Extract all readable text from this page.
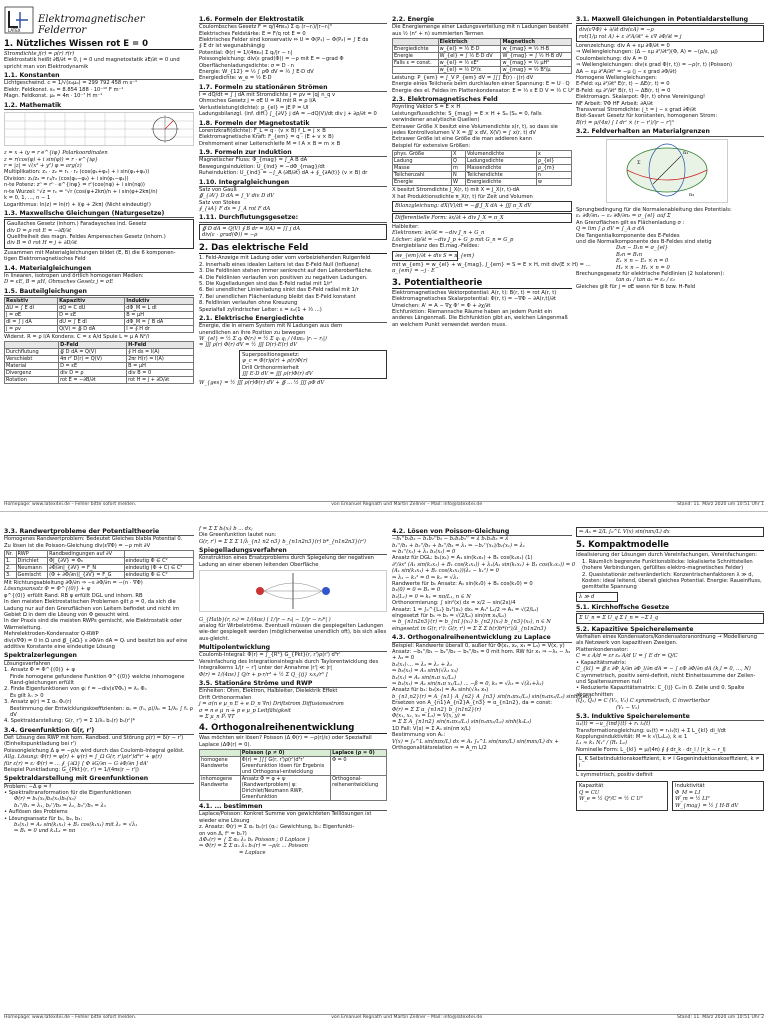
LATEX
Elektromagnetischer
Felderror
1. Nützliches Wissen rot E = 0
Stromdichte j(r) = ρ(r) ṙ(r)
Elektrostatik heißt ∂B/∂t = 0, j = 0 und magnetostatik ∂E/∂t = 0 und
spricht man von Elektrodynamik
1.1. Konstanten
Lichtgeschwind. c = 1/√(ε₀μ₀) = 299 792 458 m s⁻¹
Elektr. Feldkonst. ε₀ = 8.854 188 · 10⁻¹² F m⁻¹
Magn. Feldkonst. μ₀ = 4π · 10⁻⁷ H m⁻¹
1.2. Mathematik
z = x + iy = r e^{iφ} Polarkoordinaten
z = r(cos(φ) + i sin(φ)) = r · e^{iφ}
r = |z| = √(x² + y²) φ = arg(z)
Multiplikation: z₁ · z₂ = r₁ · r₂ (cos(φ₁+φ₂) + i sin(φ₁+φ₂))
Division: z₁/z₂ = r₁/r₂ (cos(φ₁−φ₂) + i sin(φ₁−φ₂))
n-te Potenz: zⁿ = rⁿ · e^{inφ} = rⁿ(cos(nφ) + i sin(nφ))
n-te Wurzel: ⁿ√z = rₖ = ⁿ√r (cos(φ+2kπ)/n + i sin(φ+2kπ)/n)
k = 0, 1, ..., n − 1
Logarithmus: ln(z) = ln(r) + i(φ + 2kπ) (Nicht eindeutig!)
1.3. Maxwellsche Gleichungen (Naturgesetze)
Gaußsches Gesetz (inhom.) Faradaysches ind. Gesetz
div D = ρ rot E = −∂B/∂t
Quellfreiheit des magn. Feldes Amperesches Gesetz (inhom.)
div B = 0 rot H = j + ∂D/∂t
Zusammen mit Materialgleichungen bildet (E, B) die 6 komponen-
tigen Elektromagnetisches Feld
1.4. Materialgleichungen
In linearen, isotropen und örtlich homogenen Medien:
D = εE, B = μH, Ohmsches Gesetz j = σE
1.5. Bauteilgleichungen
Resistiv	Kapazitiv	Induktiv
ΔU = ∫ E dl	dQ = C dU	dΦ_M = L dI
j = σE	D = εE	B = μH
dI = ∫ j dA	dU = ∫ E dl	dΦ_M = ∫ B dA
j = ρv	Q(V) = ∯ D dA	I = ∮ H dr
Widerst. R = ρ l/A Kondens. C = ε A/d Spule L = μ A N²/l
	D-Feld	H-Feld
Durchflutung	∯ D dA = Q(V)	∮ H ds = I(A)
Verschiebt	4π r² D(r) = Q(V)	2πr H(r) = I(A)
Material	D = εE	B = μH
Divergenz	div D = ρ	div B = 0
Rotation	rot E = −∂B/∂t	rot H = j + ∂D/∂t
1.6. Formeln der Elektrostatik
Coulombsches Gesetz F = q/(4πε₀) Σ qᵢ (r−rᵢ)/|r−rᵢ|³
Elektrisches Feldstärke: E = F/q rot E = 0
Elektrisches Felder sind konservativ ⇔ U = Φ(P₁) − Φ(P₂) = ∫ E ds
∮ E dr ist wegunabhängig
Potential: Φ(r) = 1/(4πε₀) Σ qᵢ/|r − rᵢ|
Poissongleichung: div(ε grad(Φ)) = −ρ mit E = −grad Φ
Oberflächenladungsdichte: σ = D · n
Energie: W_{12} = ½ ∫ ρΦ dV = ½ ∫ E·D dV
Energiedichte: w_e = ½ E·D
1.7. Formeln zu stationären Strömen
I = dQ/dt = ∫ j dA mit Stromdichte j = ρv = |q| n_q v
Ohmsches Gesetz j = σE U = RI mit R = ρ l/A
Verlustleistung(dichte): p_{el} = jE P = UI
Ladungsbilanzgl. (inf. diff.) ∫_{∂V} j dA = −dQ(V)/dt div j + ∂ρ/∂t = 0
1.8. Formeln der Magnetostatik
Lorentzkraft(dichte): F_L = q · (v × B) f_L = j × B
Elektromagnetische Kraft: F_{em} = q · (E + v × B)
Drehmoment einer Leiterschleife M = I A × B = m × B
1.9. Formeln zur Induktion
Magnetischer Fluss: Φ_{mag} = ∫_A B dA
Bewegungsinduktion: U_{ind} = −dΦ_{mag}/dt
Ruheinduktion: U_{ind} = −∫_A (∂B/∂t) dA + ∮_{∂A(t)} (v × B) dr
1.10. Integralgleichungen
Satz von Gauß
∯_{∂V} D dA = ∫_V div D dV
Satz von Stokes
∮_{∂A} F ds = ∫_A rot F dA
1.11. Durchflutungsgesetze:
∯ D dA = Q(V) ∮ B dr = I(A) = ∫∫ j dA
div(ε · grad(Φ)) = −ρ
2. Das elektrische Feld
1. Feld-Anzeige mit Ladung oder vom vorbeiziehenden Ruigenfeld
2. Innerhalb eines idealen Leiters ist das E-Feld Null (Influenz)
3. Die Feldlinien stehen immer senkrecht auf den Leiteroberfläche.
4. Die Feldlinien verlaufen von positiven zu negativen Ladungen.
5. Die Kugelladungen sind das E-Feld radial mit 1/r²
6. Bei unendlicher Linienladung sinkt das E-Feld radial mit 1/r
7. Bei unendlichen Flächenladung bleibt das E-Feld konstant
8. Feldlinien verlaufen ohne Kreuzung
Spezialfall zylindrischer Leiter: ε = ε₀(1 + ½ ...)
2.1. Elektrische Energiedichte
Energie, die in einem System mit N Ladungen aus dem
unendlichen an ihre Position zu bewegen
W_{el} = ½ Σ qᵢ Φ(rᵢ) = ½ Σ qᵢ qⱼ / (4πε₀ |rᵢ − rⱼ|)
= ∭ ρ(r) Φ(r) dV = ½ ∭ D(r)·E(r) dV
Superpositionsgesetz:
ψ_c = Φ(r)ρ(r) + ρ(r)Φ(r)
Drill Orthonormierheit
∭ E·D dV = ∭ ρ(r)Φ(r) dV
W_{ges} = ½ ∭ ρ(r)Φ(r) dV + ∯ ... ½ ∭ ρΦ dV
2.2. Energie
Die Energiemenge einer Ladungsverteilung mit n Ladungen besteht aus ½ (n² + n) summierten Termen
	Elektrisch	Magnetisch
Energiedichte	w_{el} = ½ E·D	w_{mag} = ½ H·B
Energie	W_{el} = ∫ ½ E·D dV	W_{mag} = ∫ ½ H·B dV
Falls ε = const.	w_{el} = ½ εE²	w_{mag} = ½ μH²
	w_{el} = ½ D²/ε	w_{mag} = ½ B²/μ
Leistung: P_{em} = ∫_V P_{em} dV = ∫∫∫ Ē(r) · j(r) dV
Energie eines Teilchens beim durchlaufen einer Spannung: E = U · Q
Energie des el. Feldes im Plattenkondensator: E = ½ ε E D V = ½ C U²
2.3. Elektromagnetisches Feld
Poynting Vektor S = E × H
Leistungsflussdichte: S_{mag} = E × H + S₀ (S₀ = 0, falls verwindener analytische Quellen)
Extrawer Größe X besitzt eine Volumendichte x(r, t), so dass sie jedes Kontrollvolumen V X = ∭ x dV, X(V) = ∫ x(r, t) dV
Extrawer Größe ist eine Größe die man addieren kann
Beispiel für extensive Größen:
phys. Größe	X	Volumendichte	x
Ladung	Q	Ladungsdichte	ρ_{el}
Masse	m	Massendichte	ρ_{m}
Teilchenzahl	N	Teilchendichte	n
Energie	W	Energiedichte	w
X besitzt Stromdichte J_X(r, t) mit X = J_X(r, t)·dA
X hat Produktionsdichte π_X(r, t) für Zeit und Volumen
Bilanzgleichung: dX(V)/dt = −∯ J_X dA + ∭ π_X dV
Differentielle Form: ∂x/∂t + div J_X = π_X
Halbleiter:
Elektronen: ∂n/∂t = −div J_n + G_n
Löcher: ∂p/∂t = −div J_p + G_p mit G_n = G_p
Energiebilanz des El.mag.-Feldes:
∂w_{em}/∂t + div S = π_{em}
mit w_{em} = w_{el} + w_{mag}, J_{em} = S = E × H, mit div(E × H) = ...
π_{em} = −j · E
3. Potentialtheorie
Elektromagnetisches Vektorpotential: A(r, t): B(r, t) = rot A(r, t)
Elektromagnetisches Skalarpotential: Φ(r, t) = −∇Φ − ∂A(r,t)/∂t
Umeichen: A' = A − ∇χ Φ' = Φ + ∂χ/∂t
Eichfunktion: Riemannsche Räume haben an jedem Punkt ein anderes Längenmaß. Die Eichfunktion gibt an, welchen Längenmaß an welchem Punkt verwendet werden muss.
3.1. Maxwell Gleichungen in Potentialdarstellung
div(ε∇Φ) + ∂/∂t div(εA) = −ρ
rot(1/μ rot A) + ε ∂²A/∂t² + ε∇ ∂Φ/∂t = j
Lorenzeichung: div A + εμ ∂Φ/∂t = 0
⇒ Wellengleichungen: (Δ − εμ ∂²/∂t²)(Φ, A) = −(ρ/ε, μj)
Coulombeichung: div A = 0
⇒ Wellengleichungen: div(ε grad Φ(r, t)) = −ρ(r, t) (Poisson)
ΔA − εμ ∂²A/∂t² = −μ (j − ε grad ∂Φ/∂t)
Homogene Wellengleichungen:
E-Feld: εμ ∂²/∂t² E(r, t) − ΔE(r, t) = 0
B-Feld: εμ ∂²/∂t² B(r, t) − ΔB(r, t) = 0
Elektromagn. Skalarpot: Φ(r, t) ohne Vereinigung!
NF Arbeit: ∇Φ HF Arbeit: ∂A/∂t
Transversal Stromdichte: j_t = j − ε grad ∂Φ/∂t
Biot-Savart Gesetz für konstanten, homogenen Strom:
B(r) = μ/(4π) ∫ I dr' × (r − r')/|r − r'|³
3.2. Feldverhalten an Materialgrenzen
n₁
n₂
Σ
Sprungbedingung für die Normalenableitung des Potentials:
ε₁ ∂Φ/∂n₁ − ε₂ ∂Φ/∂n₂ = σ_{el} auf Σ
An Grenzflächen gilt es Flächenladung σ :
Q = lim ∫ ρ dV = ∫_A σ dA
Die Tangentialkomponente des E-Feldes
und die Normalkomponente des B-Feldes sind stetig
D₂n − D₁n = σ_{el}
B₂n = B₁n
E₁ × n − E₂ × n = 0
H₂ × n − H₁ × n = 0
Brechungsgesetz für elektrische Feldlinien (2 Isolatoren):
tan α₁ / tan α₂ = ε₁ / ε₂
Gleiches gilt für j = σE wenn für B bzw. H-Feld
Homepage: www.latex4ei.de – Fehler bitte sofort melden.	von Emanuel Regnath und Martin Zellner – Mail: info@latex4ei.de	Stand: 11. März 2020 um 10:51 Uhr 1
3.3. Randwertprobleme der Potentialtheorie
Homogenes Randwertproblem: Bedeutet Gleiches blabla Potential 0.
Zu lösen ist die Poisson-Gleichung div(ε∇Φ) = −ρ mit ∂V
Nr.	RWP	Randbedingungen auf ∂V	
1.	Dirichlet	Φ|_{∂V} = Φ₀	eindeutig Φ ∈ C²
2.	Neumann	∂Φ/∂n|_{∂V} = F_N	eindeutig (Φ + C) ∈ C²
3.	Gemischt	(Φ + ∂Φ/∂n)|_{∂V} = F_G	eindeutig Φ ∈ C²
Mit Richtungsableitung ∂Φ/∂n ⇒ −ε ∂Φ/∂n = −(n · ∇Φ)
Lösungsansatz Φ = Φ^{(0)} + φ
φ^{(0)} erfüllt Rand. RB φ erfüllt DGL und inhom. RB
In den meisten Elektrostatischen Problemen gilt ρ = 0, da sich die Ladung nur auf den Grenzflächen von Leitern befindet und nicht im Gebiet Ω in dem die Lösung von Φ gesucht wird.
In der Praxis sind die meisten RWPs gemischt, wie Elektrostatik oder Wärmeleitung.
Mehrelektroden-Kondensator Q-RWP
div(ε∇Φ) = 0 in Ω und ∯_{∂Ωᵢ} ε ∂Φ/∂n dA = Qᵢ und besitzt bis auf eine additive Konstante eine eindeutige Lösung
Spektralzerlegungen
Lösungsverfahren
1. Ansatz Φ = Φ^{(0)} + φ
Finde homogene gefundene Funktion Φ^{(0)} welche inhomogene Rand-gleichungen erfüllt
2. Finde Eigenfunktionen von φ: f = −div(ε∇Φₙ) = λₙ Φₙ
Es gilt λₙ > 0
3. Ansatz φ(r) = Σ αₙ Φₙ(r)
Bestimmung der Entwicklungskoeffizienten: αₙ = ⟨fₙ, ρ⟩/λₙ = 1/λₙ ∫ fₙ ρ dV
4. Spektraldarstellung: G(r, r') = Σ 1/λₙ bₙ(r) bₙ(r')*
3.4. Greenfunktion G(r, r')
Def: Lösung des RWP mit hom. Randbed. und Störung ρ(r) = δ(r − r')
(Einheitspunktladung bei r')
Poissongleichung Δ φ = −ρ/ε wird durch das Coulomb-Integral gelöst.
Allg. Lösung: Φ(r) = φ(r) + ψ(r) = ∫_Ω G(r, r')ρ(r')d³r' + ψ(r)
für ε(r) = ε: Φ(r) = ... ∮_{∂Ω} [ Φ ∂G/∂n − G ∂Φ/∂n ] dA'
Beispiel Punktladung: G_{Pkt}(r, r') = 1/(4πε|r − r'|)
Spektraldarstellung mit Greenfunktionen
Problem: −Δ φ = f
• Spektraltransformation für die Eigenfunktionen
Φ(r) = b₁(x₁)b₂(x₂)b₃(x₃)
b₁''/b₁ = λ₁, b₂''/b₂ = λ₂, b₃''/b₃ = λ₃
• Auflösen des Problems
• Lösungsansatz für b₁, b₂, b₃:
b₁(x₁) = A₁ sin(k₁x₁) + B₁ cos(k₁x₁) mit λ₁ = √λ₁
⇒ B₁ = 0 und k₁L₁ = nπ
f = Σ Σ bᵢ(xᵢ) b ... dxⱼ
Die Greenfunktion lautet nun:
G(r, r') = Σ Σ Σ 1/λ_{n1 n2 n3} b_{n1n2n3}(r) b*_{n1n2n3}(r')
Spiegelladungsverfahren
Konstruktion eines Ersatzproblems durch Spiegelung der negativen Ladung an einer ebenen leitenden Oberfläche
G_{Halb}(r, r₀) = 1/(4πε) ( 1/|r − r₀| − 1/|r − r₀*| )
analog für Wirbelströme. Eventuell müssen die gespiegelten Ladungen wie-der gespiegelt werden (möglicherweise unendlich oft), bis sich alles aus-gleicht.
Multipolentwicklung
Coulomb-Integral: Φ(r) = ∫_{R³} G_{Pkt}(r, r')ρ(r') d³r'
Vereinfachung des Integrationsintegrals durch Taylorentwicklung des Integralkerns 1/|r − r'| unter der Annahme |r'| ≪ |r|
Φ(r) = 1/(4πε) [ Q/r + p·r/r³ + ½ Σ Q_{ij} xᵢxⱼ/r⁵ ]
3.5. Stationäre Ströme und RWP
Einheiten: Ohm, Elektron, Halbleiter, Dielektrik Effekt
Drift Orthonormalen
j = σ(n e μ_n E + e D_n ∇n) Driftstrom Diffusionsstrom
σ = n e μ_n + p e μ_p Leitfähigkeit
= Σ μ_n Pᵢ ∇T
4. Orthogonalreihenentwicklung
Was möchten wir lösen? Poisson (Δ Φ(r) = −ρ(r)/ε) oder Spezialfall Laplace (ΔΦ(r) = 0).
	Poisson (ρ ≠ 0)	Laplace (ρ = 0)
homogene Randwerte	Φ(r) = ∫∫∫ G(r, r')ρ(r')d³r' Greenfunktion lösen für Ergebnis und Orthogonal-entwicklung	Φ = 0
inhomogene Randwerte	Ansatz Φ = φ + ψ (Randwertproblem) φ: Dirichlet/Neumann RWP, Greenfunktion	Orthogonal-reihenentwicklung
4.1. ... bestimmen
Laplace/Poisson: Konkret Summe von gewichteten Teillösungen ist wieder eine Lösung
z. Ansatz: Φ(r) = Σ αₙ bₙ(r) (αₙ: Gewichtung, bₙ: Eigenfunkti-
on von Δ, fⁿ = bₙ?)
ΔΦₙ(r) = { Σ αₙ λₙ bₙ Poisson ; 0 Laplace }
⇒ Φ(r) = Σ Σ αₙ λₙ bₙ(r) = −ρ/ε ... Poisson
= Laplace
4.2. Lösen von Poisson-Gleichung
−b₁''b₂b₃ − b₁b₂''b₃ − b₁b₂b₃'' = λ b₁b₂b₃ = λ
b₁''/b₁ + b₂''/b₂ + b₃''/b₃ = λ₁ ⇒ −b₁''(x₁)/b₁(x₁) = λ₁
⇒ b₁''(x₁) + λ₁ b₁(x₁) = 0
Ansatz für DGL: b₁(x₁) = A₁ sin(k₁x₁) + B₁ cos(k₁x₁) (1)
∂²/∂x² (A₁ sin(k₁x₁) + B₁ cos(k₁x₁)) + λ₁(A₁ sin(k₁x₁) + B₁ cos(k₁x₁)) = 0
(A₁ sin(k₁x₁) + B₁ cos(k₁x₁))(λ₁ − k₁²) = 0
⇒ λ₁ − k₁² = 0 ⇒ k₁ = √λ₁
Randwerte für b₁ Ansatz: A₁ sin(k₁0) + B₁ cos(k₁0) = 0
b₁(0) = 0 ⇒ B₁ = 0
b₁(L₁) = 0 ⇒ k₁ = nπ/L₁, n ∈ N
Orthonormierung: ∫ sin²(x) dx = x/2 − sin(2x)/4
Ansatz: 1 = ∫₀^{L₁} b₁²(x₁) dx₁ = A₁² L₁/2 ⇒ A₁ = √(2/L₁)
eingesetzt für b₁ ⇒ b₁ = √(2/L₁) sin(nπ x₁/L₁)
⇒ b_{n1n2n3}(r) = b_{n1}(x₁) b_{n2}(x₂) b_{n3}(x₃), n ∈ N
eingesetzt in G(r, r'): G(r, r') = Σ Σ Σ b(r)b*(r')/λ_{n1n2n3}
4.3. Orthogonalreihenentwicklung zu Laplace
Beispiel: Randwerte überall 0, außer für Φ(x₁, x₂, x₃ = L₃) = V(x, y)
Ansatz: −b₁''/b₁ − b₂''/b₂ − b₃''/b₃ = 0 mit hom. RW für x₁ ⇒ −λ₁ − λ₂ + λ₃ = 0
b₁(x₁)·... ⇒ λ₃ = λ₁ + λ₂
⇒ b₃(x₃) = A₃ sinh(√λ₃ x₃)
b₁(x₁) = A₁ sin(n₁π x₁/L₁)
⇒ b₁(x₁) = A₁ sin(n₁π x₁/L₁) ... −β = 0, k₃ = √λ₃ = √(λ₁+λ₂)
Ansatz für b₃: b₃(x₃) = A₃ sinh(√λ₃ x₃)
b_{n1,n2}(r) = A_{n1} A_{n2} A_{n3} sin(n₁πx₁/L₁) sin(n₂πx₂/L₂) sinh(k₃x₃)
Ersetzen von A_{n1}A_{n2}A_{n3} = α_{n1n2}, da = const:
Φ(r) = Σ Σ α_{n1n2} b_{n1n2}(r)
Φ(x₁, x₂, x₃ = L₃) = V(x, y) =
= Σ Σ A_{n1n2} sin(n₁πx₁/L₁) sin(n₂πx₂/L₂) sinh(k₃L₃)
1D Fall: V(x) = Σ Aₙ sin(nπ x/L)
Bestimmung von Aₙ:
V(x) = ∫₀^L sin(nπx/L) dx = A₁ ∫₀^L sin(nπx/L) sin(mπx/L) dx +
Orthogonalitätsrelation ⇒ = A_m L/2
⇒ Aₙ = 2/L ∫₀^L V(x) sin(nπx/L) dx
5. Kompaktmodelle
Idealisierung der Lösungen durch Vereinfachungen, Vereinfachungen:
1. Räumlich begrenzte Funktionsblöcke: lokalisierte Schnittstellen (hohere Verbindungen, gefülltes elektro-magnetisches Felder)
2. Quasistationär zeitveränderlich: Konzentrischenfaktoren λ ≫ d, Kosten: ideal leitend, überall gleiches Potential. Energie: Raueinfluss, gemittelte Spannung
λ ≫ d
5.1. Kirchhoffsche Gesetze
Σ U_n = Σ U_q Σ I_n = −Σ I_q
5.2. Kapazitive Speicherelemente
Verhalten eines Kondensators/Kondensatoranordnung → Modellierung als Netzwerk von kapazitiven Zweigen.
Plattenkondensator:
C = ε A/d = εr ε₀ A/d U = ∫ E dr = Q/C
• Kapazitätsmatrix:
C_{kl} = ∯ ε ∂Φ_k/∂n ∂Φ_l/∂n dA = − ∫ εΦ ∂Φ/∂n dA (k,l = 0, ..., N)
C symmetrisch, positiv semi-definit, nicht Einheitssumme der Zeilen- und Spaltensummen null
• Reduzierte Kapazitätsmatrix: C_{ij} C₀ in 0. Zeile und 0. Spalte abgeschnitten
(Q₁, Q₂) = C (V₁, V₂) C symmetrisch, C invertierbar
(V₁ − V₂)
5.3. Induktive Speicherelemente
u₁(t) = −u_{ind}(t) + r₁ i₁(t)
Transformationsgleichung: u₁(t) = r₁i₁(t) + Σ L_{kl} di_l/dt
Kopplungsinduktivität: M = k √(L₁L₂), k ≤ 1
L₁ ≈ k₁ N₁² / (R₁ L₂)
Nominelle Form: L_{kl} = μ/(4π) ∮ ∮ dr_k · dr_l / |r_k − r_l|
L_K Selbstinduktionskoeffizient, k ≠ l Gegeninduktionskoeffizient, k ≠ l
L symmetrisch, positiv definit
Kapazität
Q = CU
W_e = ½ Q²/C = ½ C U²
Induktivität
Φ_M = LI
W_m = ½ LI²
W_{mag} = ½ ∫ H·B dV
Homepage: www.latex4ei.de – Fehler bitte sofort melden.	von Emanuel Regnath und Martin Zellner – Mail: info@latex4ei.de	Stand: 11. März 2020 um 10:51 Uhr 2
